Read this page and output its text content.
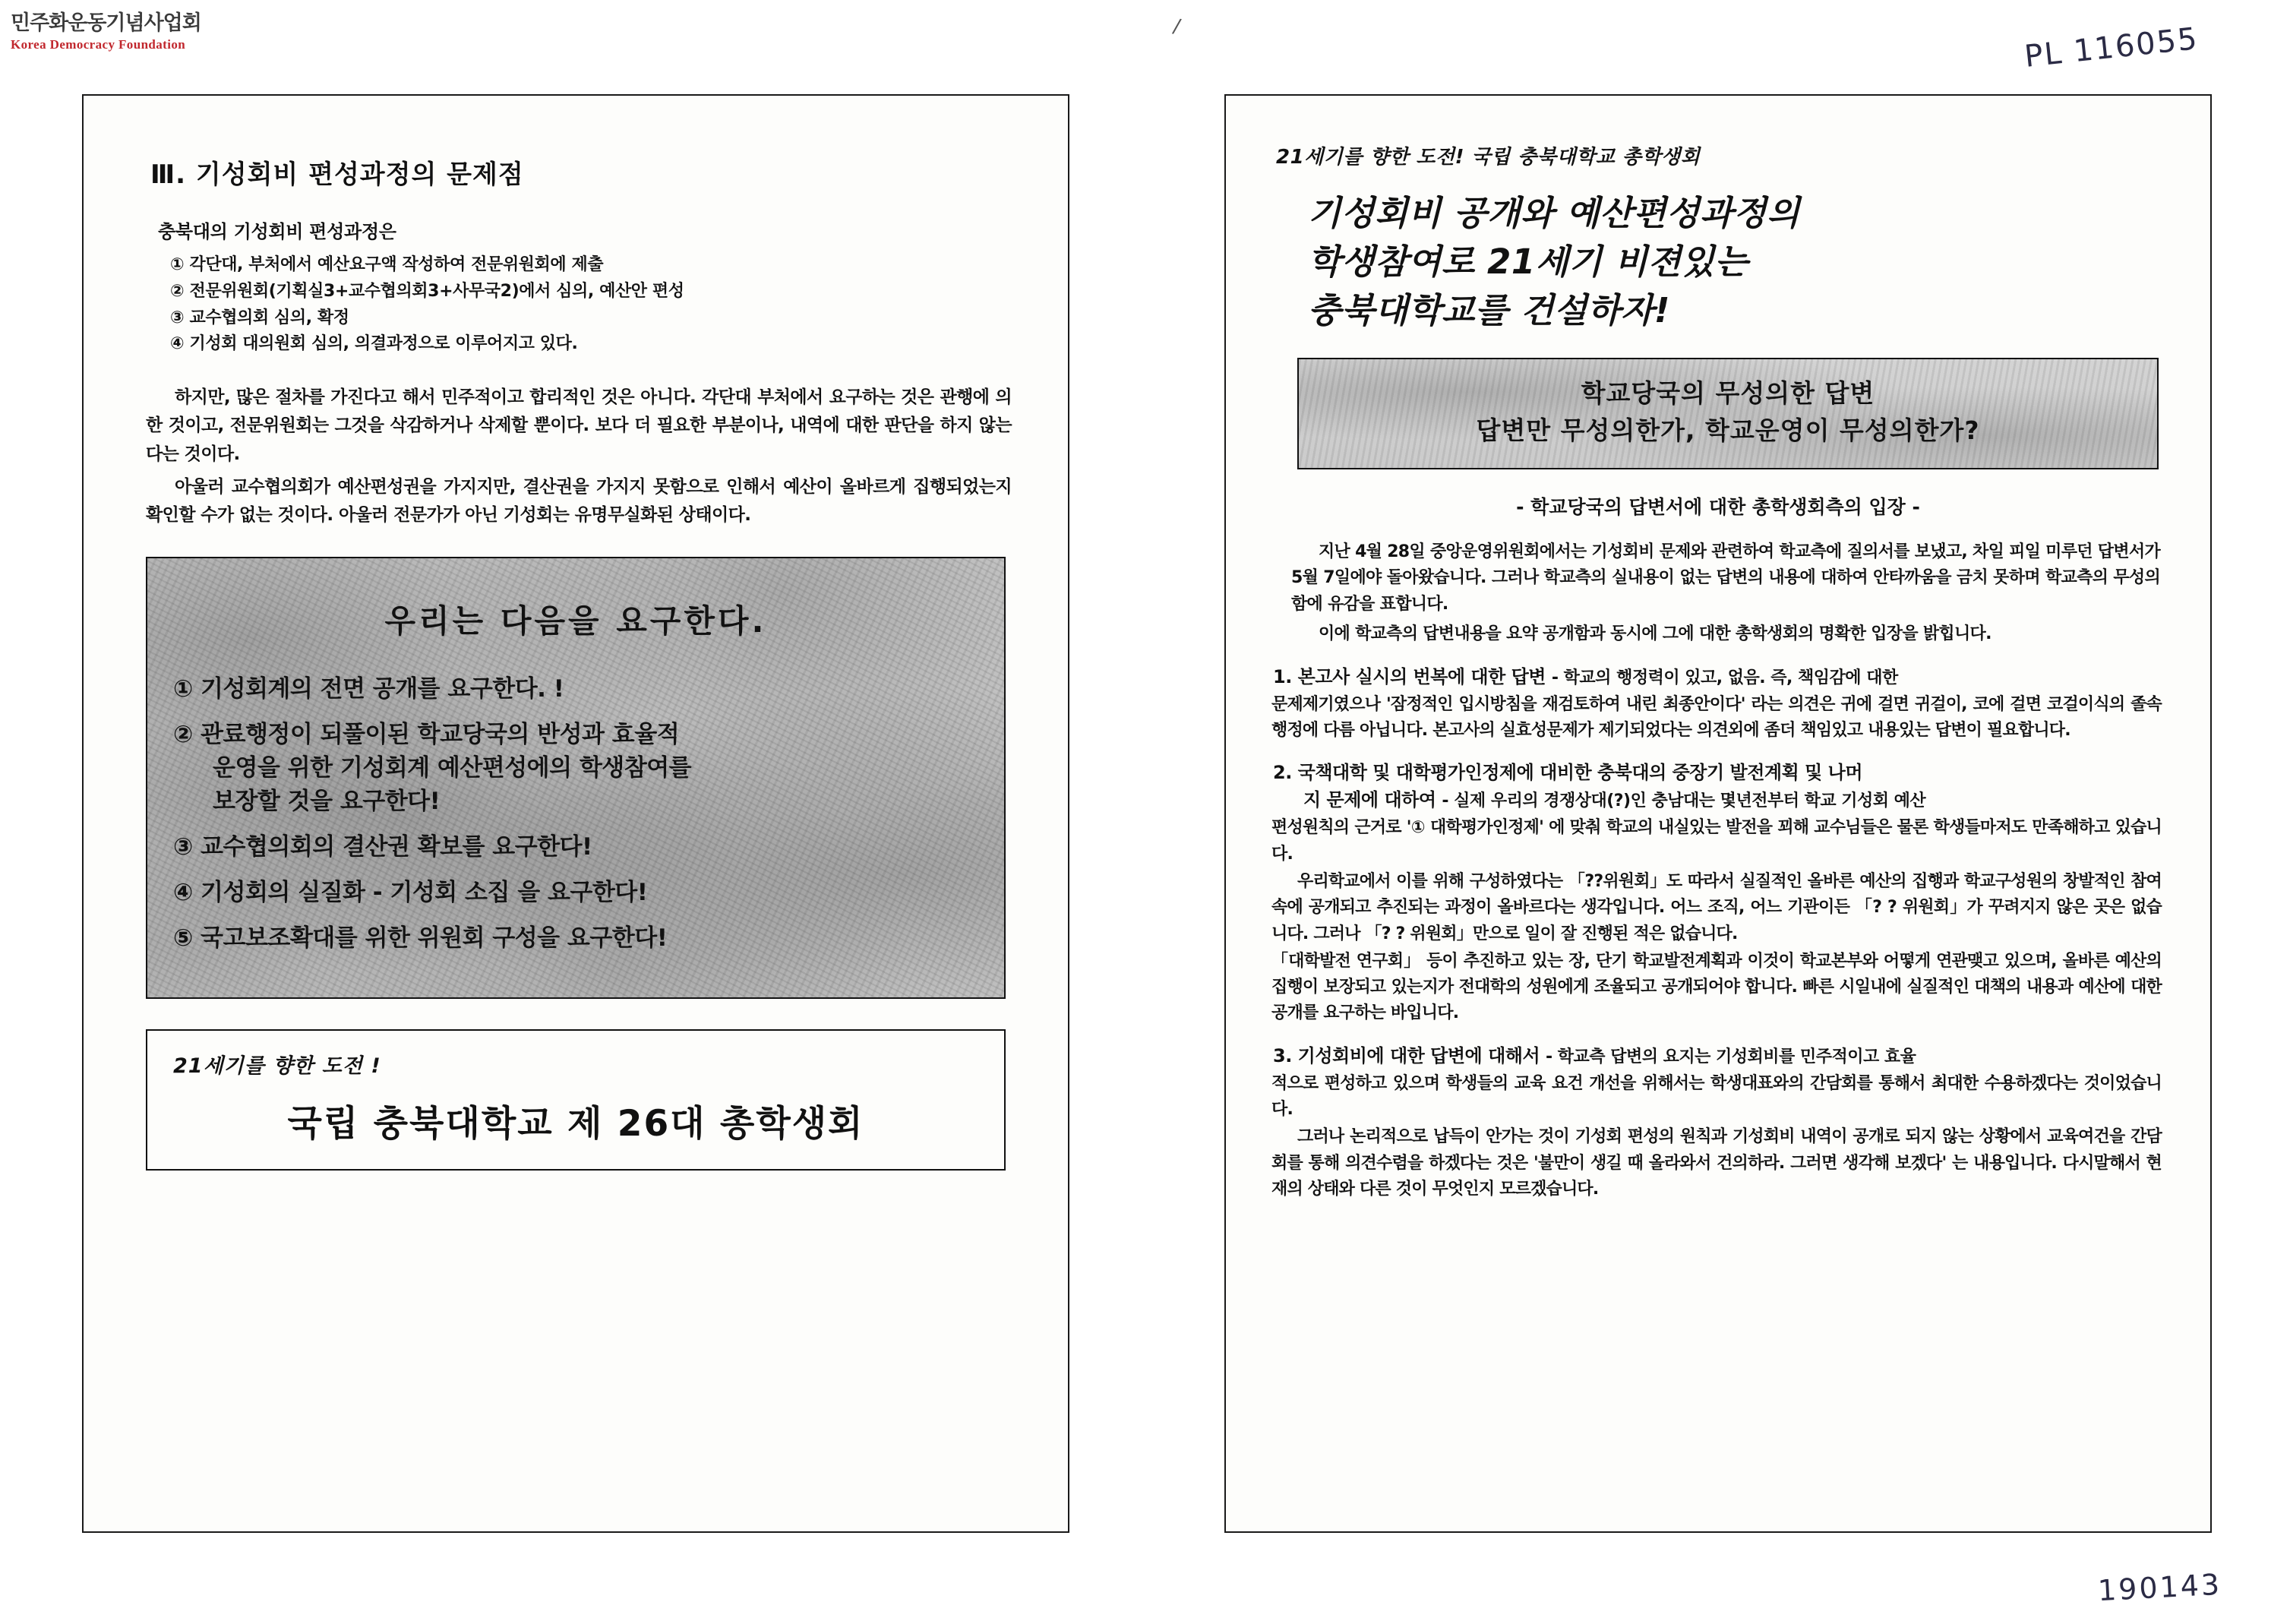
민주화운동기념사업회
Korea Democracy Foundation
/	PL 116055
190143
Ⅲ. 기성회비 편성과정의 문제점
충북대의 기성회비 편성과정은
① 각단대, 부처에서 예산요구액 작성하여 전문위원회에 제출
② 전문위원회(기획실3+교수협의회3+사무국2)에서 심의, 예산안 편성
③ 교수협의회 심의, 확정
④ 기성회 대의원회 심의, 의결과정으로 이루어지고 있다.

하지만, 많은 절차를 가진다고 해서 민주적이고 합리적인 것은 아니다. 각단대 부처에서 요구하는 것은 관행에 의한 것이고, 전문위원회는 그것을 삭감하거나 삭제할 뿐이다. 보다 더 필요한 부분이나, 내역에 대한 판단을 하지 않는다는 것이다.

아울러 교수협의회가 예산편성권을 가지지만, 결산권을 가지지 못함으로 인해서 예산이 올바르게 집행되었는지 확인할 수가 없는 것이다. 아울러 전문가가 아닌 기성회는 유명무실화된 상태이다.

우리는 다음을 요구한다.
① 기성회계의 전면 공개를 요구한다. !
② 관료행정이 되풀이된 학교당국의 반성과 효율적
운영을 위한 기성회계 예산편성에의 학생참여를
보장할 것을 요구한다!
③ 교수협의회의 결산권 확보를 요구한다!
④ 기성회의 실질화 - 기성회 소집 을 요구한다!
⑤ 국고보조확대를 위한 위원회 구성을 요구한다!
21세기를 향한 도전 !
국립 충북대학교 제 26대 총학생회
21세기를 향한 도전! 국립 충북대학교 총학생회
기성회비 공개와 예산편성과정의
학생참여로 21세기 비젼있는
충북대학교를 건설하자!
학교당국의 무성의한 답변
답변만 무성의한가, 학교운영이 무성의한가?
- 학교당국의 답변서에 대한 총학생회측의 입장 -

지난 4월 28일 중앙운영위원회에서는 기성회비 문제와 관련하여 학교측에 질의서를 보냈고, 차일 피일 미루던 답변서가 5월 7일에야 돌아왔습니다. 그러나 학교측의 실내용이 없는 답변의 내용에 대하여 안타까움을 금치 못하며 학교측의 무성의 함에 유감을 표합니다.

이에 학교측의 답변내용을 요약 공개함과 동시에 그에 대한 총학생회의 명확한 입장을 밝힙니다.

1. 본고사 실시의 번복에 대한 답변 - 학교의 행정력이 있고, 없음. 즉, 책임감에 대한

문제제기였으나 '잠정적인 입시방침을 재검토하여 내린 최종안이다' 라는 의견은 귀에 걸면 귀걸이, 코에 걸면 코걸이식의 졸속행정에 다름 아닙니다. 본고사의 실효성문제가 제기되었다는 의견외에 좀더 책임있고 내용있는 답변이 필요합니다.

2. 국책대학 및 대학평가인정제에 대비한 충북대의 중장기 발전계획 및 나머
지 문제에 대하여 - 실제 우리의 경쟁상대(?)인 충남대는 몇년전부터 학교 기성회 예산

편성원칙의 근거로 '① 대학평가인정제' 에 맞춰 학교의 내실있는 발전을 꾀해 교수님들은 물론 학생들마저도 만족해하고 있습니다.

우리학교에서 이를 위해 구성하였다는 「??위원회」도 따라서 실질적인 올바른 예산의 집행과 학교구성원의 창발적인 참여속에 공개되고 추진되는 과정이 올바르다는 생각입니다. 어느 조직, 어느 기관이든 「? ? 위원회」가 꾸려지지 않은 곳은 없습니다. 그러나 「? ? 위원회」만으로 일이 잘 진행된 적은 없습니다.

「대학발전 연구회」 등이 추진하고 있는 장, 단기 학교발전계획과 이것이 학교본부와 어떻게 연관맺고 있으며, 올바른 예산의 집행이 보장되고 있는지가 전대학의 성원에게 조율되고 공개되어야 합니다. 빠른 시일내에 실질적인 대책의 내용과 예산에 대한 공개를 요구하는 바입니다.

3. 기성회비에 대한 답변에 대해서 - 학교측 답변의 요지는 기성회비를 민주적이고 효율

적으로 편성하고 있으며 학생들의 교육 요건 개선을 위해서는 학생대표와의 간담회를 통해서 최대한 수용하겠다는 것이었습니다.

그러나 논리적으로 납득이 안가는 것이 기성회 편성의 원칙과 기성회비 내역이 공개로 되지 않는 상황에서 교육여건을 간담회를 통해 의견수렴을 하겠다는 것은 '불만이 생길 때 올라와서 건의하라. 그러면 생각해 보겠다' 는 내용입니다. 다시말해서 현재의 상태와 다른 것이 무엇인지 모르겠습니다.
